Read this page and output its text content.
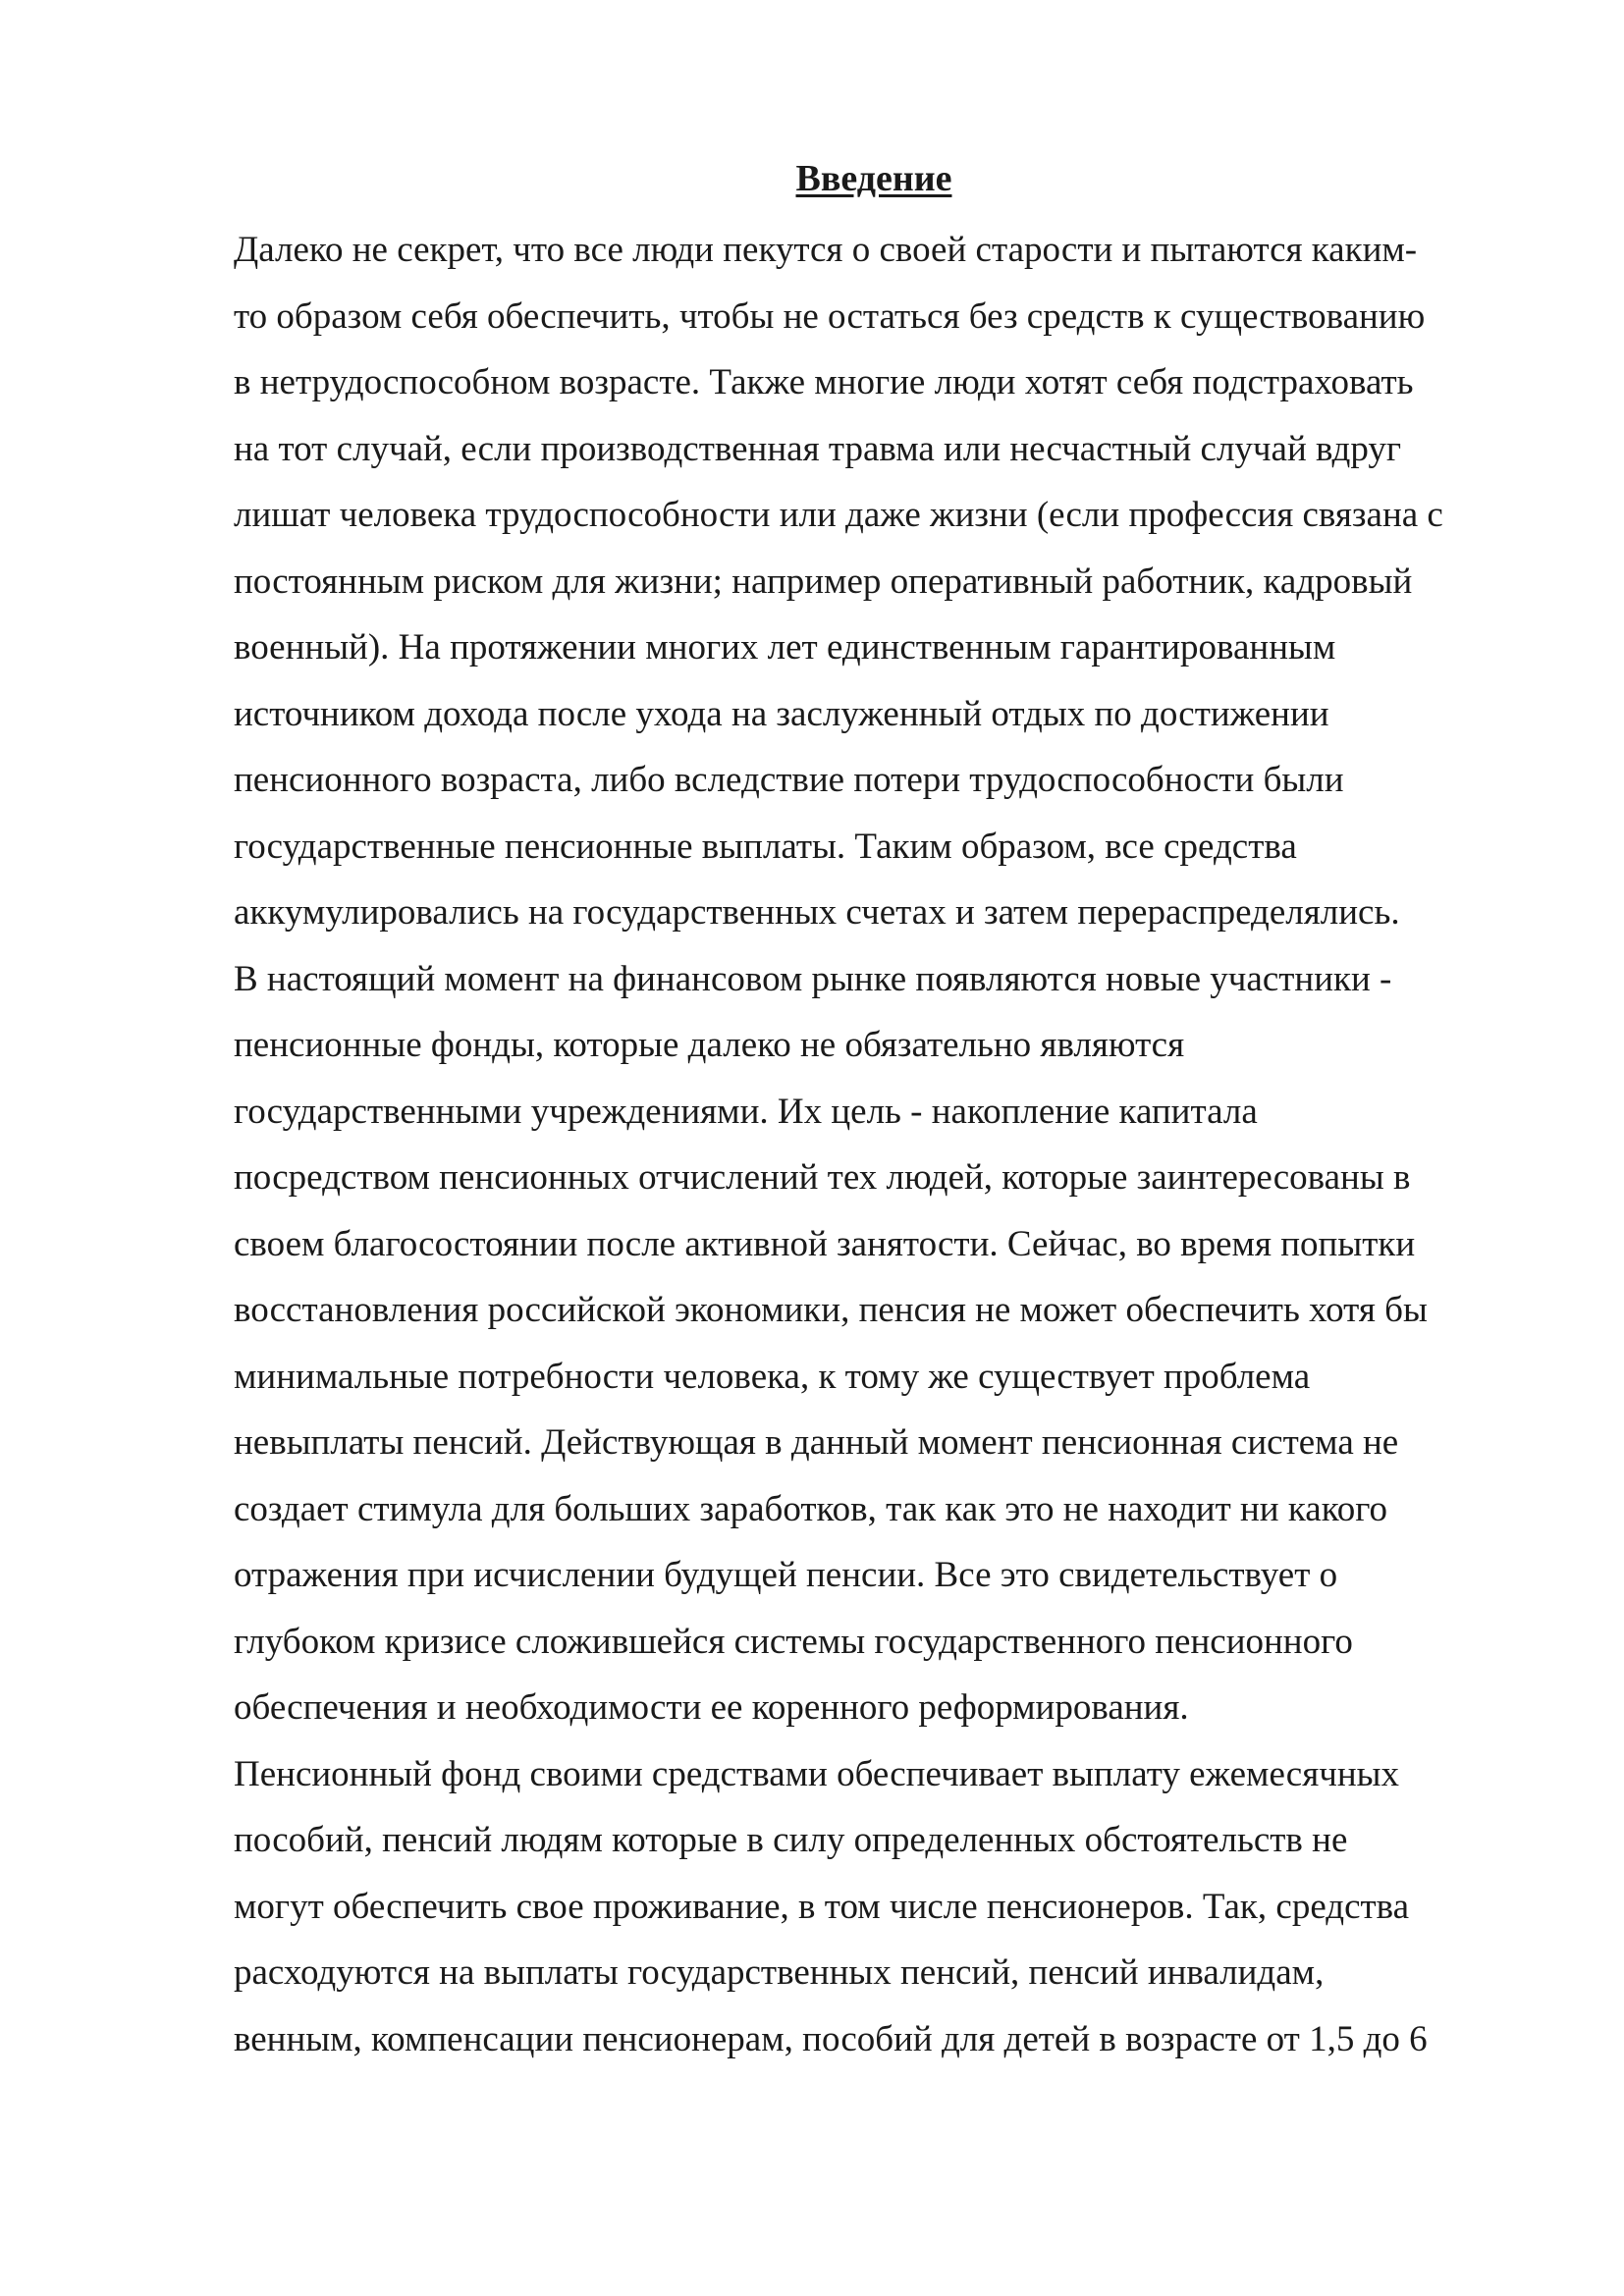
Введение
Далеко не секрет, что все люди пекутся о своей старости и пытаются каким-
то образом себя обеспечить, чтобы не остаться без средств к существованию
в нетрудоспособном возрасте. Также многие люди хотят себя подстраховать
на тот случай, если производственная травма или несчастный случай вдруг
лишат человека трудоспособности или даже жизни (если профессия связана с
постоянным риском для жизни; например оперативный работник, кадровый
военный). На протяжении многих лет единственным гарантированным
источником дохода после ухода на заслуженный отдых по достижении
пенсионного возраста, либо вследствие потери трудоспособности были
государственные пенсионные выплаты. Таким образом, все средства
аккумулировались на государственных счетах и затем перераспределялись.
В настоящий момент на финансовом рынке появляются новые участники -
пенсионные фонды, которые далеко не обязательно являются
государственными учреждениями. Их цель - накопление капитала
посредством пенсионных отчислений тех людей, которые заинтересованы в
своем благосостоянии после активной занятости. Сейчас, во время попытки
восстановления российской экономики, пенсия не может обеспечить хотя бы
минимальные потребности человека, к тому же существует проблема
невыплаты пенсий. Действующая в данный момент пенсионная система не
создает стимула для больших заработков, так как это не находит ни какого
отражения при исчислении будущей пенсии. Все это свидетельствует о
глубоком кризисе сложившейся системы государственного пенсионного
обеспечения и необходимости ее коренного реформирования.
Пенсионный фонд своими средствами обеспечивает выплату ежемесячных
пособий, пенсий людям которые в силу определенных обстоятельств не
могут обеспечить свое проживание, в том числе пенсионеров. Так, средства
расходуются на выплаты государственных пенсий, пенсий инвалидам,
венным, компенсации пенсионерам, пособий для детей в возрасте от 1,5 до 6
